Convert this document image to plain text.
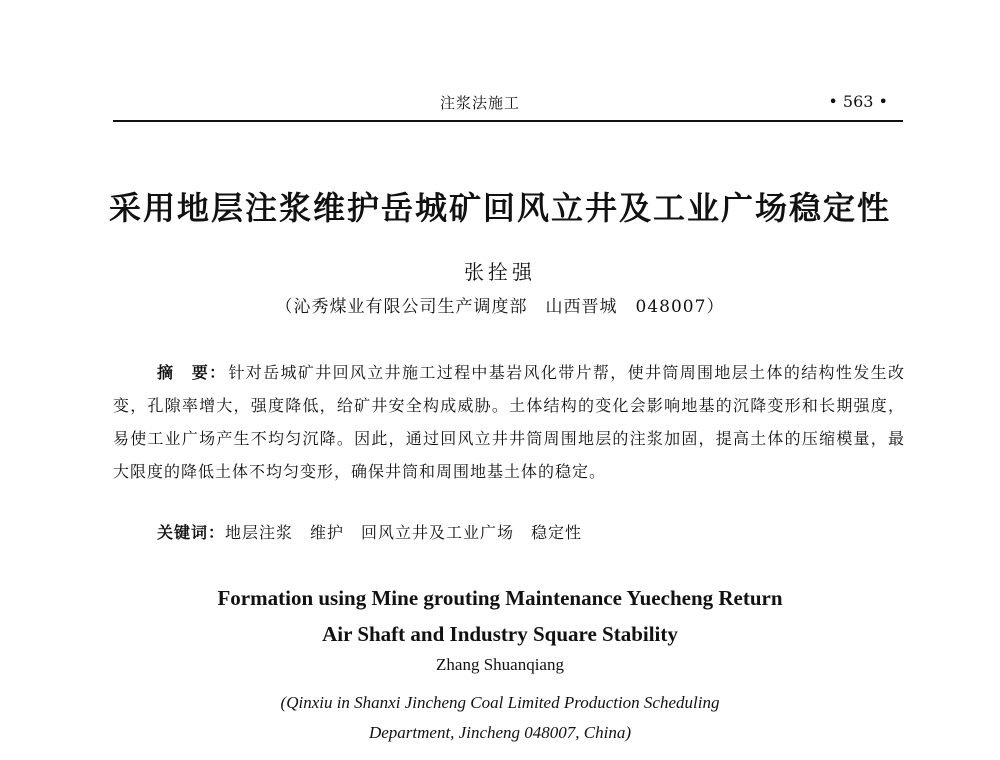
注浆法施工	• 563 •
采用地层注浆维护岳城矿回风立井及工业广场稳定性
张拴强
（沁秀煤业有限公司生产调度部　山西晋城　048007）

摘　要： 针对岳城矿井回风立井施工过程中基岩风化带片帮，使井筒周围地层土体的结构性发生改变，孔隙率增大，强度降低，给矿井安全构成威胁。土体结构的变化会影响地基的沉降变形和长期强度，易使工业广场产生不均匀沉降。因此，通过回风立井井筒周围地层的注浆加固，提高土体的压缩模量，最大限度的降低土体不均匀变形，确保井筒和周围地基土体的稳定。

关键词：地层注浆　维护　回风立井及工业广场　稳定性
Formation using Mine grouting Maintenance Yuecheng Return
Air Shaft and Industry Square Stability
Zhang Shuanqiang
(Qinxiu in Shanxi Jincheng Coal Limited Production Scheduling
Department, Jincheng 048007, China)
